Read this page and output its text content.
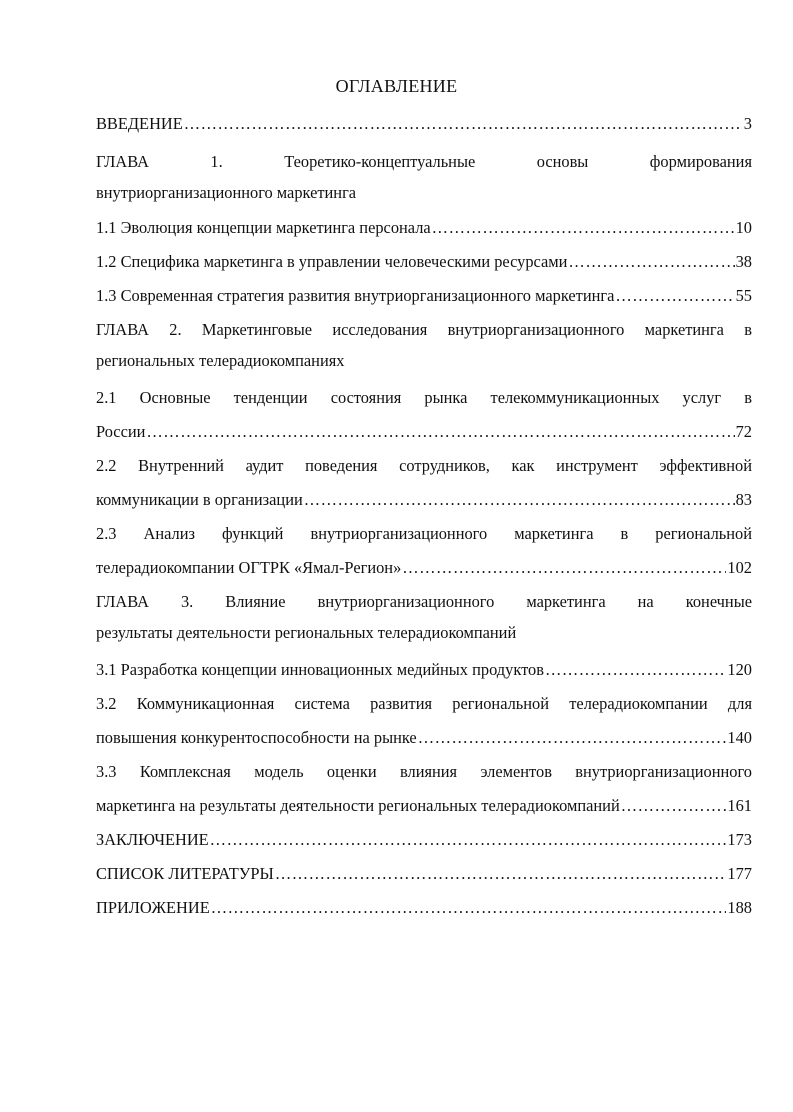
ОГЛАВЛЕНИЕ
ВВЕДЕНИЕ ……………………………………………………………………………………………………………………………………	3
ГЛАВА 1. Теоретико-концептуальные основы формирования
внутриорганизационного маркетинга
1.1 Эволюция концепции маркетинга персонала ……………………………………………………………………………………………………………………………………	10
1.2 Специфика маркетинга в управлении человеческими ресурсами ……………………………………………………………………………………………………………………………………	38
1.3 Современная стратегия развития внутриорганизационного маркетинга ……………………………………………………………………………………………………………………………………	55
ГЛАВА 2. Маркетинговые исследования внутриорганизационного маркетинга в
региональных телерадиокомпаниях
2.1 Основные тенденции состояния рынка телекоммуникационных услуг в
России ……………………………………………………………………………………………………………………………………	72
2.2 Внутренний аудит поведения сотрудников, как инструмент эффективной
коммуникации в организации ……………………………………………………………………………………………………………………………………	83
2.3 Анализ функций внутриорганизационного маркетинга в региональной
телерадиокомпании ОГТРК «Ямал-Регион» ……………………………………………………………………………………………………………………………………	102
ГЛАВА 3. Влияние внутриорганизационного маркетинга на конечные
результаты деятельности региональных телерадиокомпаний
3.1 Разработка концепции инновационных медийных продуктов ……………………………………………………………………………………………………………………………………	120
3.2 Коммуникационная система развития региональной телерадиокомпании для
повышения конкурентоспособности на рынке ……………………………………………………………………………………………………………………………………	140
3.3 Комплексная модель оценки влияния элементов внутриорганизационного
маркетинга на результаты деятельности региональных телерадиокомпаний ……………………………………………………………………………………………………………………………………	161
ЗАКЛЮЧЕНИЕ ……………………………………………………………………………………………………………………………………	173
СПИСОК ЛИТЕРАТУРЫ ……………………………………………………………………………………………………………………………………	177
ПРИЛОЖЕНИЕ ……………………………………………………………………………………………………………………………………	188
